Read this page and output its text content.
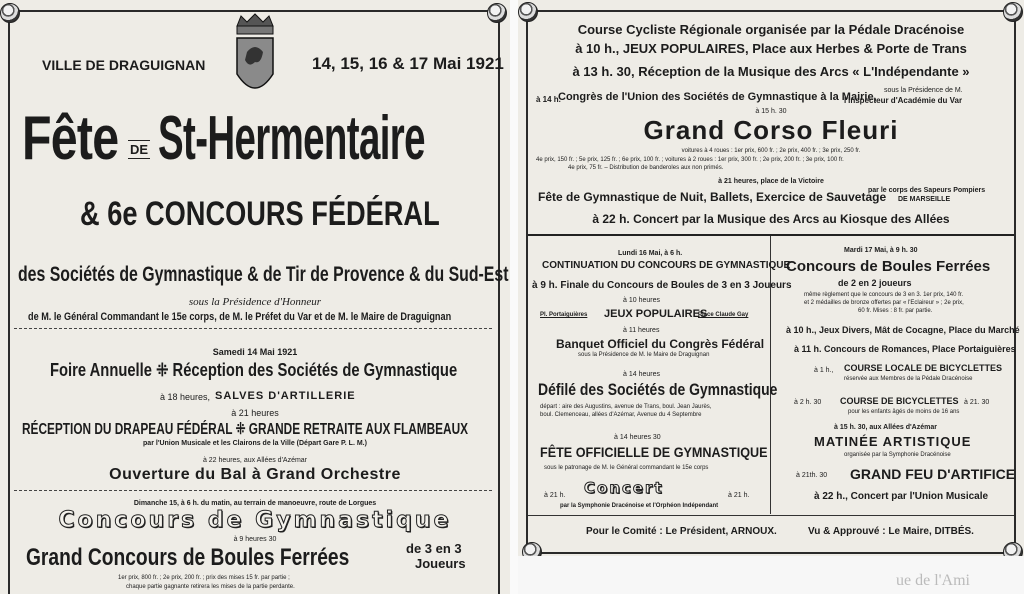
VILLE DE DRAGUIGNAN	14, 15, 16 & 17 Mai 1921
Fête DE St-Hermentaire
& 6e CONCOURS FÉDÉRAL
des Sociétés de Gymnastique & de Tir de Provence & du Sud-Est
sous la Présidence d'Honneur
de M. le Général Commandant le 15e corps, de M. le Préfet du Var et de M. le Maire de Draguignan
Samedi 14 Mai 1921
Foire Annuelle ⁜ Réception des Sociétés de Gymnastique
à 18 heures, SALVES D'ARTILLERIE
à 21 heures
RÉCEPTION DU DRAPEAU FÉDÉRAL ⁜ GRANDE RETRAITE AUX FLAMBEAUX
par l'Union Musicale et les Clairons de la Ville (Départ Gare P. L. M.)
à 22 heures, aux Allées d'Azémar
Ouverture du Bal à Grand Orchestre
Dimanche 15, à 6 h. du matin, au terrain de manoeuvre, route de Lorgues
Concours de Gymnastique
à 9 heures 30
Grand Concours de Boules Ferrées	de 3 en 3
Joueurs
1er prix, 800 fr. ; 2e prix, 200 fr. ; prix des mises 15 fr. par partie ;
chaque partie gagnante retirera les mises de la partie perdante.
Course Cycliste Régionale organisée par la Pédale Dracénoise
à 10 h., JEUX POPULAIRES, Place aux Herbes & Porte de Trans
à 13 h. 30, Réception de la Musique des Arcs « L'Indépendante »
à 14 h.
Congrès de l'Union des Sociétés de Gymnastique à la Mairie,
sous la Présidence de M.
l'Inspecteur d'Académie du Var
à 15 h. 30
Grand Corso Fleuri
voitures à 4 roues : 1er prix, 600 fr. ; 2e prix, 400 fr. ; 3e prix, 250 fr.
4e prix, 150 fr. ; 5e prix, 125 fr. ; 6e prix, 100 fr. ; voitures à 2 roues : 1er prix, 300 fr. ; 2e prix, 200 fr. ; 3e prix, 100 fr.
4e prix, 75 fr. – Distribution de banderoles aux non primés.
à 21 heures, place de la Victoire
Fête de Gymnastique de Nuit, Ballets, Exercice de Sauvetage
par le corps des Sapeurs Pompiers
DE MARSEILLE
à 22 h. Concert par la Musique des Arcs au Kiosque des Allées
Lundi 16 Mai, à 6 h.
CONTINUATION DU CONCOURS DE GYMNASTIQUE
à 9 h. Finale du Concours de Boules de 3 en 3 Joueurs
à 10 heures
Pl. Portaiguières JEUX POPULAIRES
Place Claude Gay
à 11 heures
Banquet Officiel du Congrès Fédéral
sous la Présidence de M. le Maire de Draguignan
à 14 heures
Défilé des Sociétés de Gymnastique
départ : aire des Augustins, avenue de Trans, boul. Jean Jaurès,
boul. Clemenceau, allées d'Azémar, Avenue du 4 Septembre
à 14 heures 30
FÊTE OFFICIELLE DE GYMNASTIQUE
sous le patronage de M. le Général commandant le 15e corps
à 21 h. Concert	à 21 h.
par la Symphonie Dracénoise et l'Orphéon Indépendant
Mardi 17 Mai, à 9 h. 30
Concours de Boules Ferrées
de 2 en 2 joueurs
même règlement que le concours de 3 en 3. 1er prix, 140 fr.
et 2 médailles de bronze offertes par « l'Eclaireur » ; 2e prix,
60 fr. Mises : 8 fr. par partie.
à 10 h., Jeux Divers, Mât de Cocagne, Place du Marché
à 11 h. Concours de Romances, Place Portaiguières
à 1 h., COURSE LOCALE DE BICYCLETTES
réservée aux Membres de la Pédale Dracénoise
à 2 h. 30 COURSE DE BICYCLETTES à 21. 30
pour les enfants âgés de moins de 16 ans
à 15 h. 30, aux Allées d'Azémar
MATINÉE ARTISTIQUE
organisée par la Symphonie Dracénoise
à 21th. 30 GRAND FEU D'ARTIFICE
à 22 h., Concert par l'Union Musicale
Pour le Comité : Le Président, ARNOUX.	Vu & Approuvé : Le Maire, DITBÉS.
ue de l'Ami
